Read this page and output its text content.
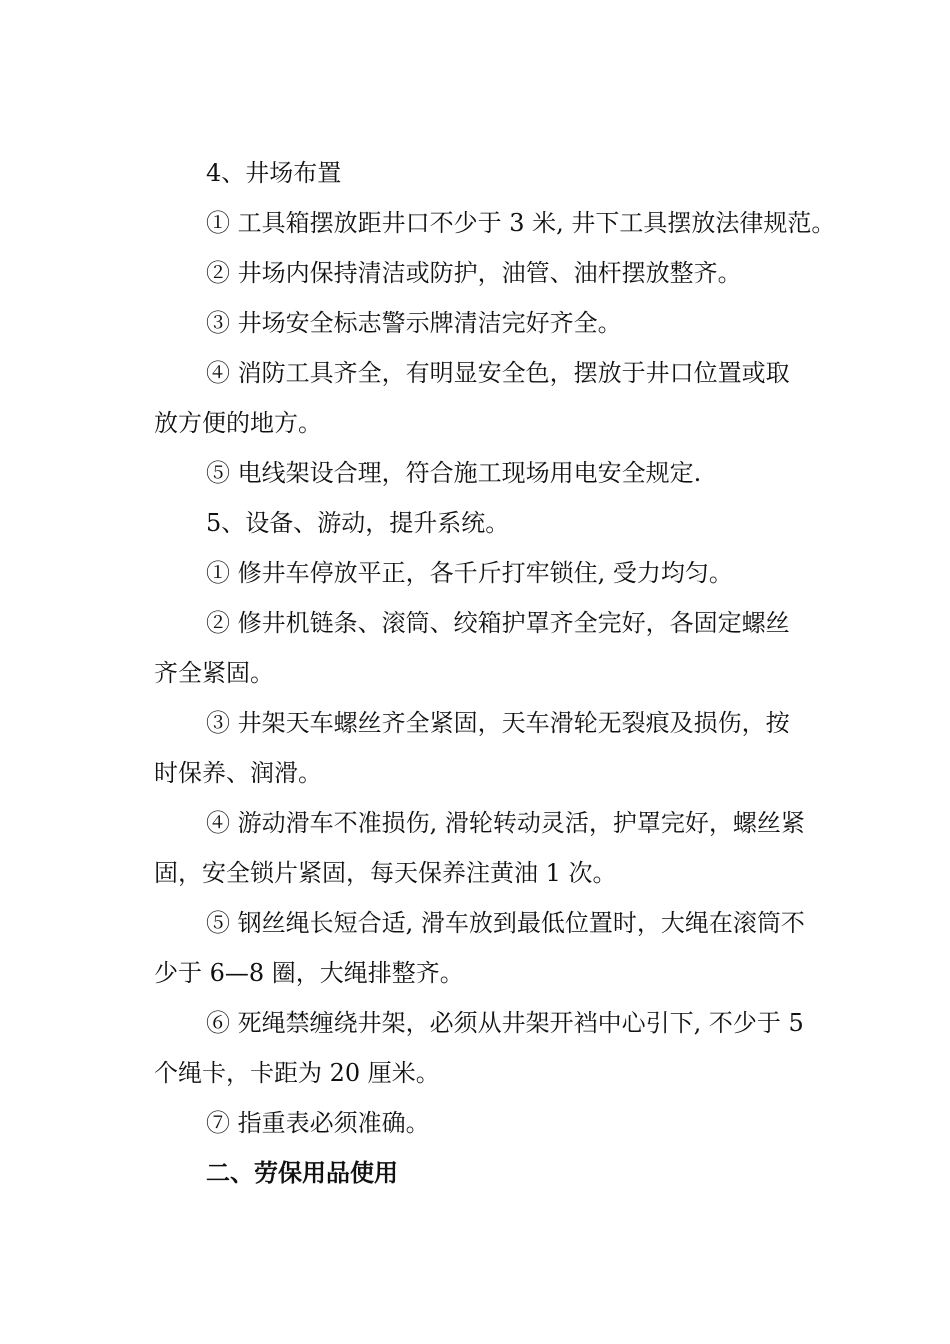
4、井场布置
① 工具箱摆放距井口不少于 3 米, 井下工具摆放法律规范。
② 井场内保持清洁或防护，油管、油杆摆放整齐。
③ 井场安全标志警示牌清洁完好齐全。
④ 消防工具齐全，有明显安全色，摆放于井口位置或取
放方便的地方。
⑤ 电线架设合理，符合施工现场用电安全规定.
5、设备、游动，提升系统。
① 修井车停放平正，各千斤打牢锁住, 受力均匀。
② 修井机链条、滚筒、绞箱护罩齐全完好，各固定螺丝
齐全紧固。
③ 井架天车螺丝齐全紧固，天车滑轮无裂痕及损伤，按
时保养、润滑。
④ 游动滑车不准损伤, 滑轮转动灵活，护罩完好，螺丝紧
固，安全锁片紧固，每天保养注黄油 1 次。
⑤ 钢丝绳长短合适, 滑车放到最低位置时，大绳在滚筒不
少于 6—8 圈，大绳排整齐。
⑥ 死绳禁缠绕井架，必须从井架开裆中心引下, 不少于 5
个绳卡，卡距为 20 厘米。
⑦ 指重表必须准确。
二、劳保用品使用
